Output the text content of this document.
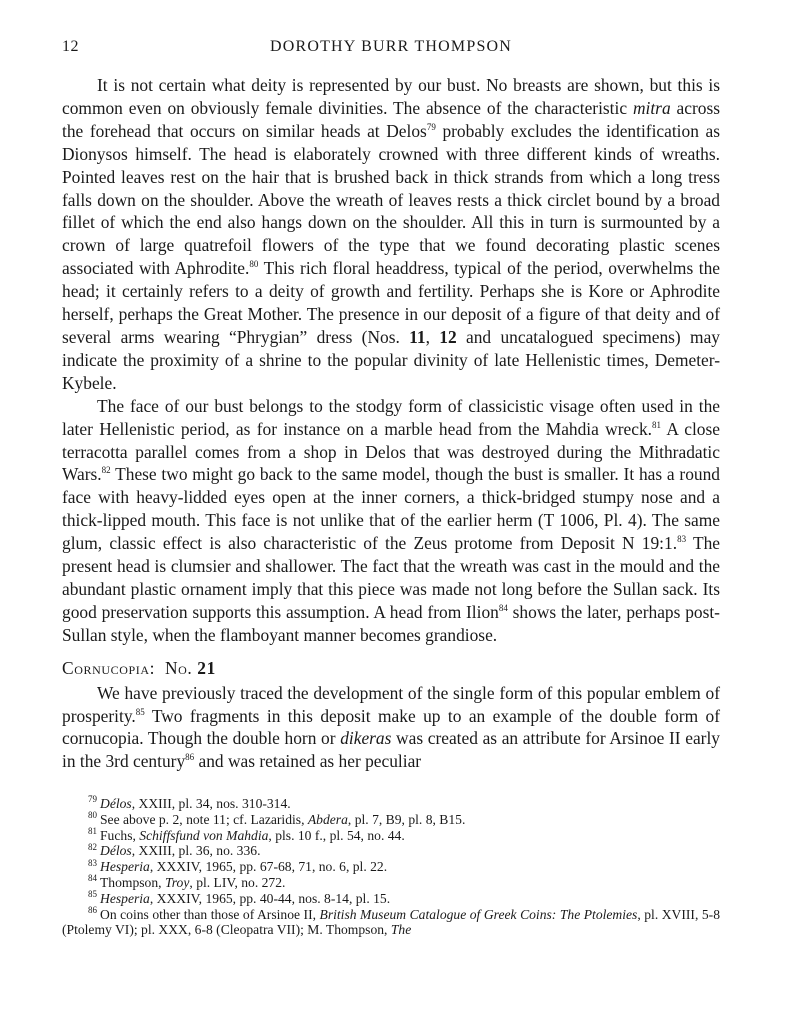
12	DOROTHY BURR THOMPSON

It is not certain what deity is represented by our bust. No breasts are shown, but this is common even on obviously female divinities. The absence of the characteristic mitra across the forehead that occurs on similar heads at Delos$^{79}$ probably excludes the identification as Dionysos himself. The head is elaborately crowned with three different kinds of wreaths. Pointed leaves rest on the hair that is brushed back in thick strands from which a long tress falls down on the shoulder. Above the wreath of leaves rests a thick circlet bound by a broad fillet of which the end also hangs down on the shoulder. All this in turn is surmounted by a crown of large quatrefoil flowers of the type that we found decorating plastic scenes associated with Aphrodite.$^{80}$ This rich floral headdress, typical of the period, overwhelms the head; it certainly refers to a deity of growth and fertility. Perhaps she is Kore or Aphrodite herself, perhaps the Great Mother. The presence in our deposit of a figure of that deity and of several arms wearing “Phrygian” dress (Nos. 11, 12 and uncatalogued specimens) may indicate the proximity of a shrine to the popular divinity of late Hellenistic times, Demeter-Kybele.

The face of our bust belongs to the stodgy form of classicistic visage often used in the later Hellenistic period, as for instance on a marble head from the Mahdia wreck.$^{81}$ A close terracotta parallel comes from a shop in Delos that was destroyed during the Mithradatic Wars.$^{82}$ These two might go back to the same model, though the bust is smaller. It has a round face with heavy-lidded eyes open at the inner corners, a thick-bridged stumpy nose and a thick-lipped mouth. This face is not unlike that of the earlier herm (T 1006, Pl. 4). The same glum, classic effect is also characteristic of the Zeus protome from Deposit N 19:1.83 The present head is clumsier and shallower. The fact that the wreath was cast in the mould and the abundant plastic ornament imply that this piece was made not long before the Sullan sack. Its good preservation supports this assumption. A head from Ilion$^{84}$ shows the later, perhaps post-Sullan style, when the flamboyant manner becomes grandiose.

Cornucopia: No. 21

We have previously traced the development of the single form of this popular emblem of prosperity.$^{85}$ Two fragments in this deposit make up to an example of the double form of cornucopia. Though the double horn or dikeras was created as an attribute for Arsinoe II early in the 3rd century$^{86}$ and was retained as her peculiar

$^{79}$ Délos, XXIII, pl. 34, nos. 310-314.

$^{80}$ See above p. 2, note 11; cf. Lazaridis, Abdera, pl. 7, B9, pl. 8, B15.

$^{81}$ Fuchs, Schiffsfund von Mahdia, pls. 10 f., pl. 54, no. 44.

$^{82}$ Délos, XXIII, pl. 36, no. 336.

$^{83}$ Hesperia, XXXIV, 1965, pp. 67-68, 71, no. 6, pl. 22.

$^{84}$ Thompson, Troy, pl. LIV, no. 272.

$^{85}$ Hesperia, XXXIV, 1965, pp. 40-44, nos. 8-14, pl. 15.

$^{86}$ On coins other than those of Arsinoe II, British Museum Catalogue of Greek Coins: The Ptolemies, pl. XVIII, 5-8 (Ptolemy VI); pl. XXX, 6-8 (Cleopatra VII); M. Thompson, The
